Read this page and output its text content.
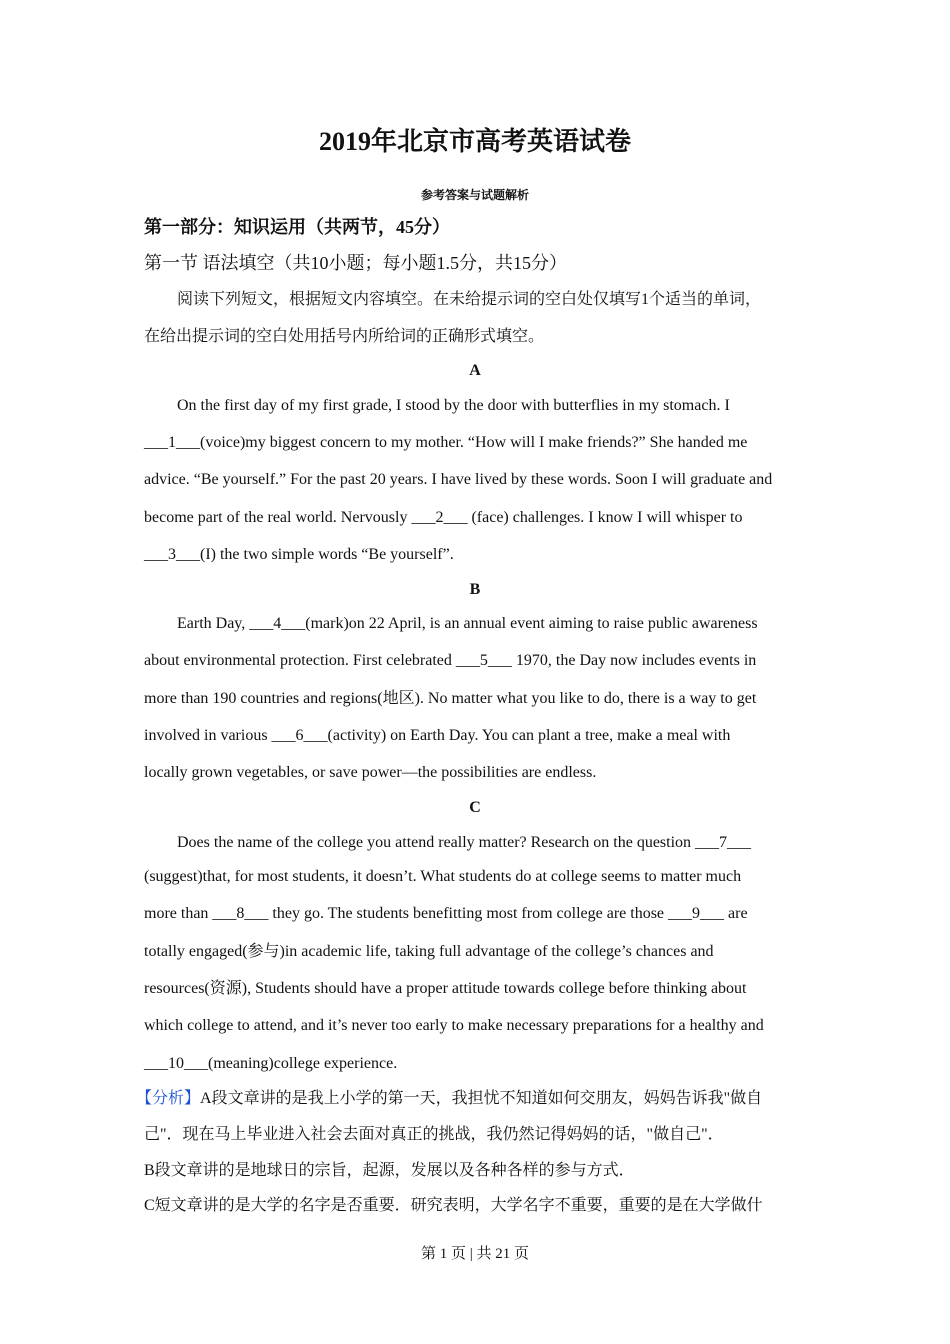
2019年北京市高考英语试卷
参考答案与试题解析
第一部分：知识运用（共两节，45分）
第一节 语法填空（共10小题；每小题1.5分，共15分）
阅读下列短文，根据短文内容填空。在未给提示词的空白处仅填写1个适当的单词，
在给出提示词的空白处用括号内所给词的正确形式填空。
A
On the first day of my first grade, I stood by the door with butterflies in my stomach. I
___1___(voice)my biggest concern to my mother. “How will I make friends?” She handed me
advice. “Be yourself.” For the past 20 years. I have lived by these words. Soon I will graduate and
become part of the real world. Nervously ___2___ (face) challenges. I know I will whisper to
___3___(I) the two simple words “Be yourself”.
B
Earth Day, ___4___(mark)on 22 April, is an annual event aiming to raise public awareness
about environmental protection. First celebrated ___5___ 1970, the Day now includes events in
more than 190 countries and regions(地区). No matter what you like to do, there is a way to get
involved in various ___6___(activity) on Earth Day. You can plant a tree, make a meal with
locally grown vegetables, or save power—the possibilities are endless.
C
Does the name of the college you attend really matter? Research on the question ___7___
(suggest)that, for most students, it doesn’t. What students do at college seems to matter much
more than ___8___ they go. The students benefitting most from college are those ___9___ are
totally engaged(参与)in academic life, taking full advantage of the college’s chances and
resources(资源), Students should have a proper attitude towards college before thinking about
which college to attend, and it’s never too early to make necessary preparations for a healthy and
___10___(meaning)college experience.
【分析】A段文章讲的是我上小学的第一天，我担忧不知道如何交朋友，妈妈告诉我"做自
己"．现在马上毕业进入社会去面对真正的挑战，我仍然记得妈妈的话，"做自己"．
B段文章讲的是地球日的宗旨，起源，发展以及各种各样的参与方式．
C短文章讲的是大学的名字是否重要．研究表明，大学名字不重要，重要的是在大学做什
第 1 页 | 共 21 页
